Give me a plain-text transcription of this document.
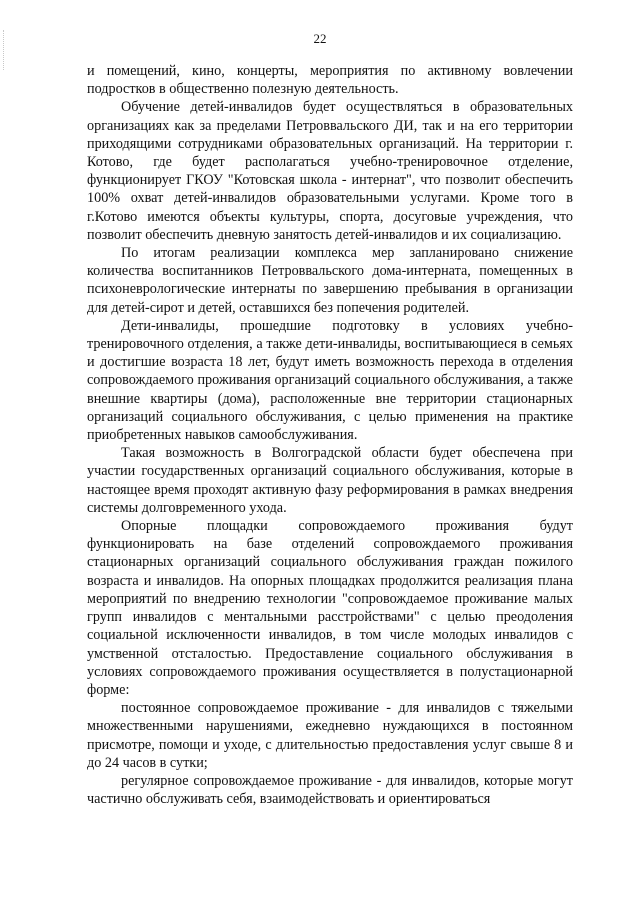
22

и помещений, кино, концерты, мероприятия по активному вовлечении подростков в общественно полезную деятельность.

Обучение детей-инвалидов будет осуществляться в образовательных организациях как за пределами Петроввальского ДИ, так и на его территории приходящими сотрудниками образовательных организаций. На территории г. Котово, где будет располагаться учебно-тренировочное отделение, функционирует ГКОУ "Котовская школа - интернат", что позволит обеспечить 100% охват детей-инвалидов образовательными услугами. Кроме того в г.Котово имеются объекты культуры, спорта, досуговые учреждения, что позволит обеспечить дневную занятость детей-инвалидов и их социализацию.

По итогам реализации комплекса мер запланировано снижение количества воспитанников Петроввальского дома-интерната, помещенных в психоневрологические интернаты по завершению пребывания в организации для детей-сирот и детей, оставшихся без попечения родителей.

Дети-инвалиды, прошедшие подготовку в условиях учебно-тренировочного отделения, а также дети-инвалиды, воспитывающиеся в семьях и достигшие возраста 18 лет, будут иметь возможность перехода в отделения сопровождаемого проживания организаций социального обслуживания, а также внешние квартиры (дома), расположенные вне территории стационарных организаций социального обслуживания, с целью применения на практике приобретенных навыков самообслуживания.

Такая возможность в Волгоградской области будет обеспечена при участии государственных организаций социального обслуживания, которые в настоящее время проходят активную фазу реформирования в рамках внедрения системы долговременного ухода.

Опорные площадки сопровождаемого проживания будут функционировать на базе отделений сопровождаемого проживания стационарных организаций социального обслуживания граждан пожилого возраста и инвалидов. На опорных площадках продолжится реализация плана мероприятий по внедрению технологии "сопровождаемое проживание малых групп инвалидов с ментальными расстройствами" с целью преодоления социальной исключенности инвалидов, в том числе молодых инвалидов с умственной отсталостью. Предоставление социального обслуживания в условиях сопровождаемого проживания осуществляется в полустационарной форме:

постоянное сопровождаемое проживание - для инвалидов с тяжелыми множественными нарушениями, ежедневно нуждающихся в постоянном присмотре, помощи и уходе, с длительностью предоставления услуг свыше 8 и до 24 часов в сутки;

регулярное сопровождаемое проживание - для инвалидов, которые могут частично обслуживать себя, взаимодействовать и ориентироваться
